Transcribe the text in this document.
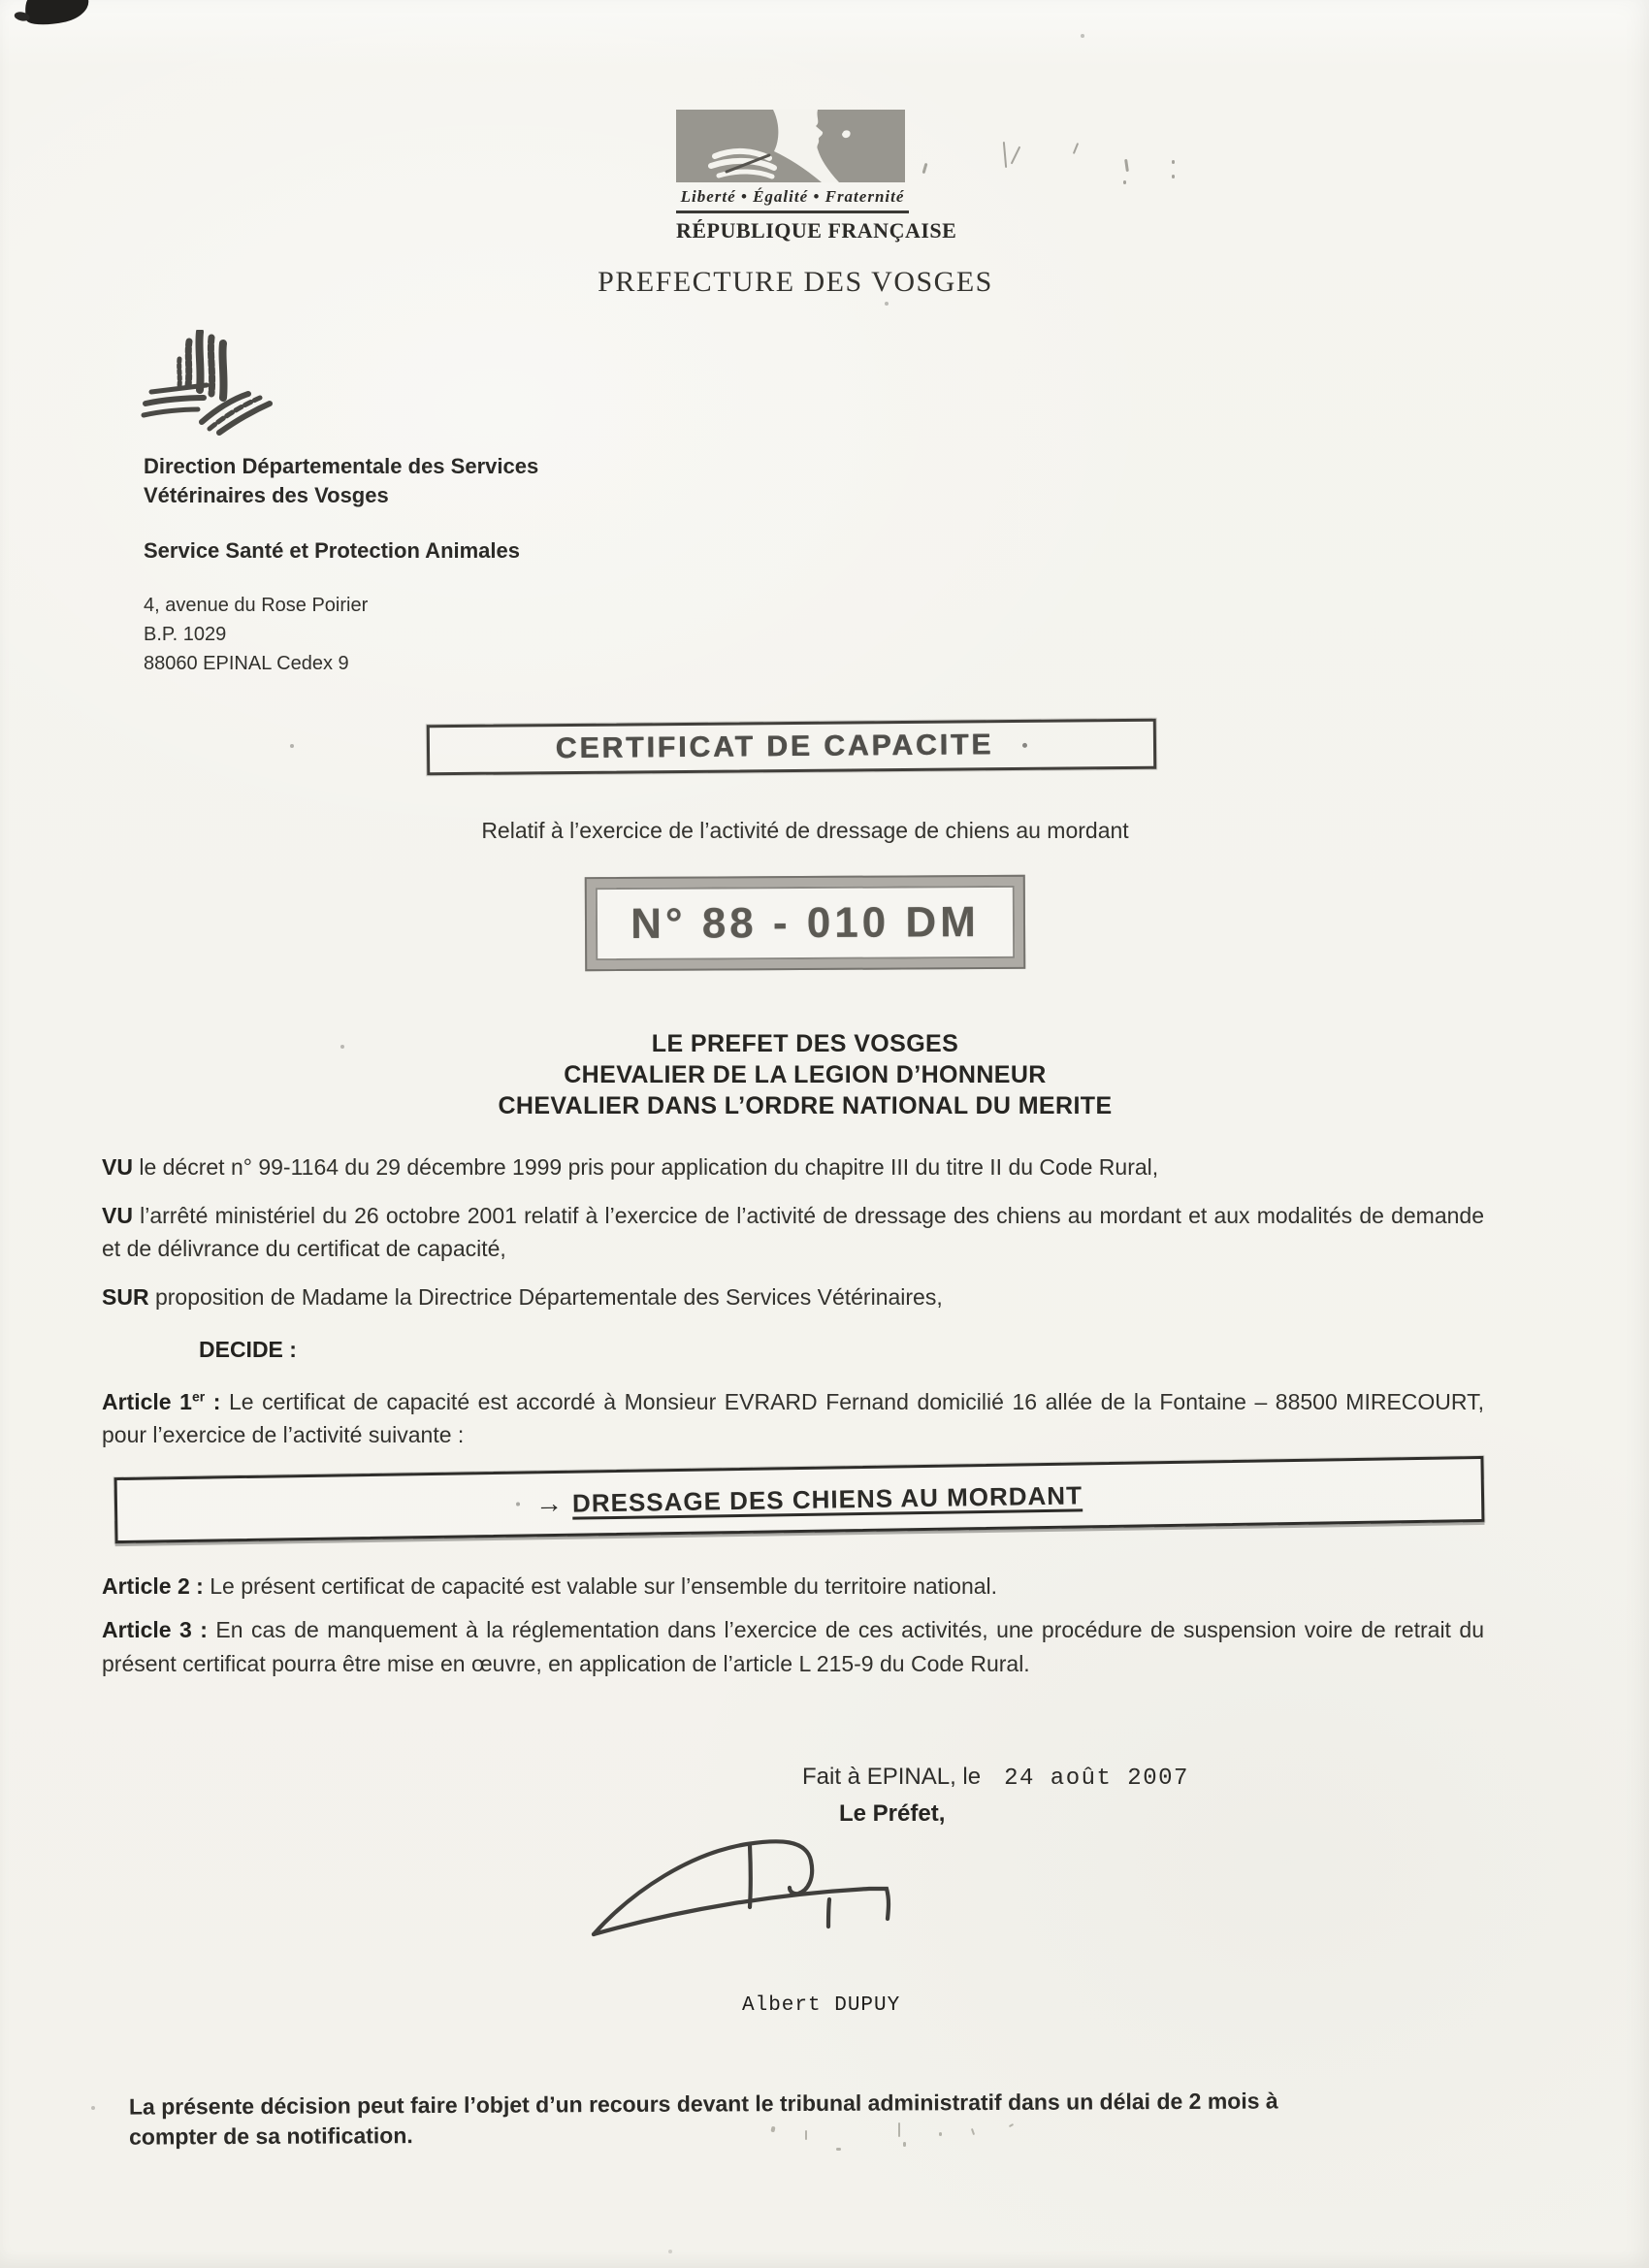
Liberté • Égalité • Fraternité
RÉPUBLIQUE FRANÇAISE
PREFECTURE DES VOSGES
Direction Départementale des Services
Vétérinaires des Vosges
Service Santé et Protection Animales
4, avenue du Rose Poirier
B.P. 1029
88060 EPINAL Cedex 9
CERTIFICAT DE CAPACITE
Relatif à l’exercice de l’activité de dressage de chiens au mordant
N° 88 - 010 DM
LE PREFET DES VOSGES
CHEVALIER DE LA LEGION D’HONNEUR
CHEVALIER DANS L’ORDRE NATIONAL DU MERITE

VU le décret n° 99-1164 du 29 décembre 1999 pris pour application du chapitre III du titre II du Code Rural,

VU l’arrêté ministériel du 26 octobre 2001 relatif à l’exercice de l’activité de dressage des chiens au mordant et aux modalités de demande et de délivrance du certificat de capacité,

SUR proposition de Madame la Directrice Départementale des Services Vétérinaires,

DECIDE :

Article 1er : Le certificat de capacité est accordé à Monsieur EVRARD Fernand domicilié 16 allée de la Fontaine – 88500 MIRECOURT, pour l’exercice de l’activité suivante :

→ DRESSAGE DES CHIENS AU MORDANT

Article 2 : Le présent certificat de capacité est valable sur l’ensemble du territoire national.

Article 3 : En cas de manquement à la réglementation dans l’exercice de ces activités, une procédure de suspension voire de retrait du présent certificat pourra être mise en œuvre, en application de l’article L 215-9 du Code Rural.

Fait à EPINAL, le 24 août 2007
Le Préfet,
Albert DUPUY
La présente décision peut faire l’objet d’un recours devant le tribunal administratif dans un délai de 2 mois à
compter de sa notification.
